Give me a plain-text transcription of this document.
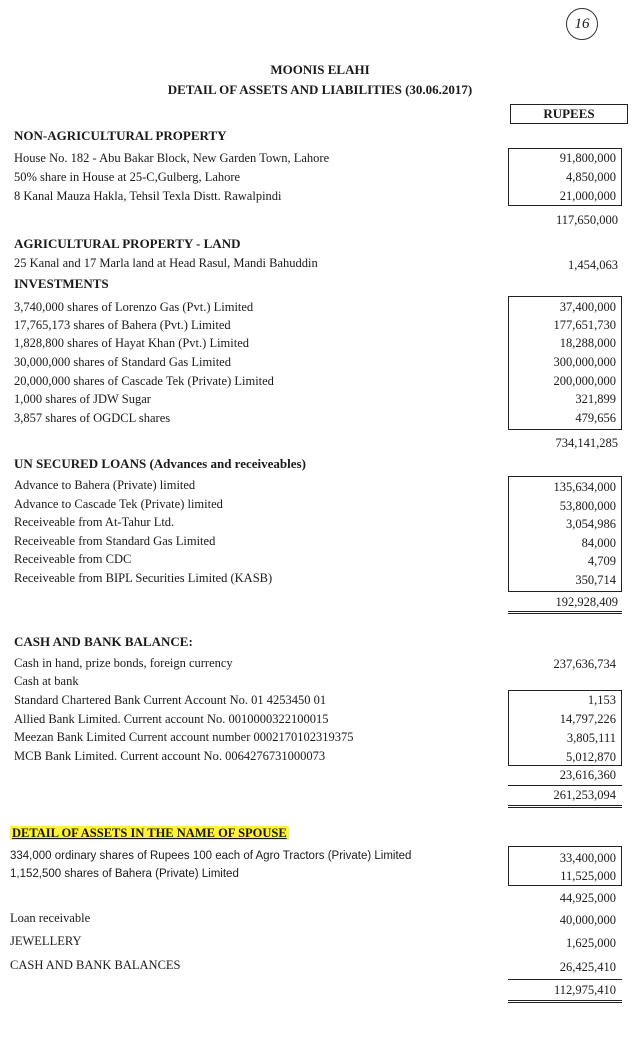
16
MOONIS ELAHI
DETAIL OF ASSETS AND LIABILITIES (30.06.2017)
RUPEES
NON-AGRICULTURAL PROPERTY
House No. 182 - Abu Bakar Block, New Garden Town, Lahore	91,800,000
50% share in House at 25-C,Gulberg, Lahore	4,850,000
8 Kanal Mauza Hakla, Tehsil Texla Distt. Rawalpindi	21,000,000
117,650,000
AGRICULTURAL PROPERTY - LAND
25 Kanal and 17 Marla land at Head Rasul, Mandi Bahuddin	1,454,063
INVESTMENTS
3,740,000 shares of Lorenzo Gas (Pvt.) Limited	37,400,000
17,765,173 shares of Bahera (Pvt.) Limited	177,651,730
1,828,800 shares of Hayat Khan (Pvt.) Limited	18,288,000
30,000,000 shares of Standard Gas Limited	300,000,000
20,000,000 shares of Cascade Tek (Private) Limited	200,000,000
1,000 shares of JDW Sugar	321,899
3,857 shares of OGDCL shares	479,656
734,141,285
UN SECURED LOANS (Advances and receiveables)
Advance to Bahera (Private) limited	135,634,000
Advance to Cascade Tek (Private) limited	53,800,000
Receiveable from At-Tahur Ltd.	3,054,986
Receiveable from Standard Gas Limited	84,000
Receiveable from CDC	4,709
Receiveable from BIPL Securities Limited (KASB)	350,714
192,928,409
CASH AND BANK BALANCE:
Cash in hand, prize bonds, foreign currency	237,636,734
Cash at bank
Standard Chartered Bank Current Account No. 01 4253450 01	1,153
Allied Bank Limited. Current account No. 0010000322100015	14,797,226
Meezan Bank Limited Current account number 0002170102319375	3,805,111
MCB Bank Limited. Current account No. 0064276731000073	5,012,870
23,616,360
261,253,094
DETAIL OF ASSETS IN THE NAME OF SPOUSE
334,000 ordinary shares of Rupees 100 each of Agro Tractors (Private) Limited	33,400,000
1,152,500 shares of Bahera (Private) Limited	11,525,000
44,925,000
Loan receivable	40,000,000
JEWELLERY	1,625,000
CASH AND BANK BALANCES	26,425,410
112,975,410
